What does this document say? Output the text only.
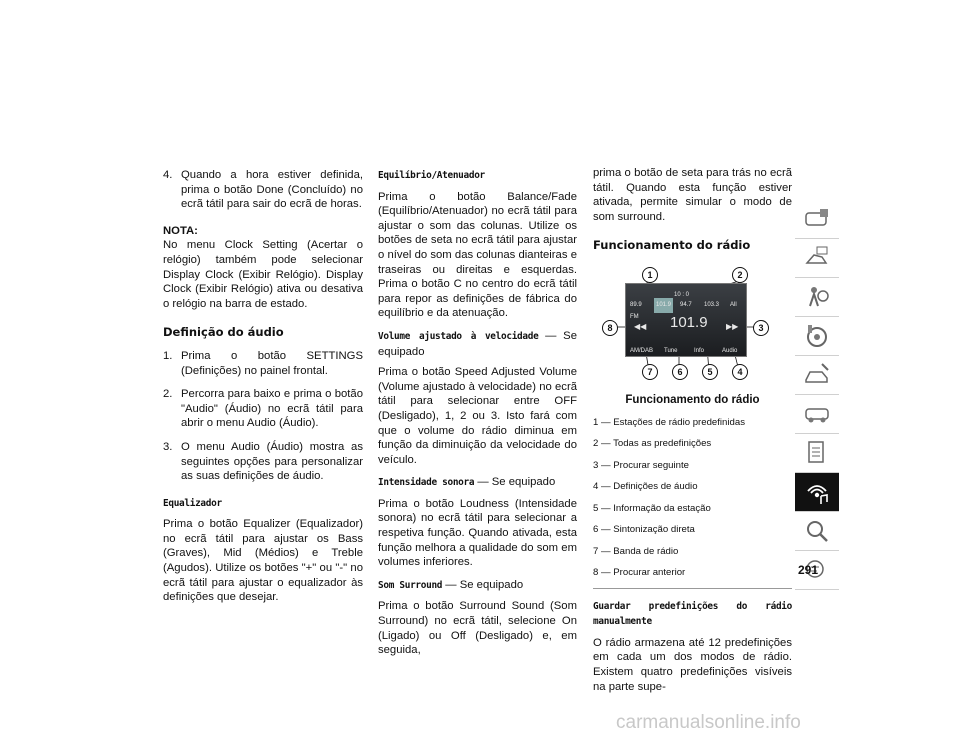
4. Quando a hora estiver definida, prima o botão Done (Concluído) no ecrã tátil para sair do ecrã de horas.

NOTA:

No menu Clock Setting (Acertar o relógio) também pode selecionar Display Clock (Exibir Relógio). Display Clock (Exibir Relógio) ativa ou desativa o relógio na barra de estado.

Definição do áudio
1. Prima o botão SETTINGS (Definições) no painel frontal.
2. Percorra para baixo e prima o botão "Audio" (Áudio) no ecrã tátil para abrir o menu Audio (Áudio).
3. O menu Audio (Áudio) mostra as seguintes opções para personalizar as suas definições de áudio.
Equalizador

Prima o botão Equalizer (Equalizador) no ecrã tátil para ajustar os Bass (Graves), Mid (Médios) e Treble (Agudos). Utilize os botões "+" ou "-" no ecrã tátil para ajustar o equalizador às definições que desejar.

Equilíbrio/Atenuador

Prima o botão Balance/Fade (Equilíbrio/Atenuador) no ecrã tátil para ajustar o som das colunas. Utilize os botões de seta no ecrã tátil para ajustar o nível do som das colunas dianteiras e traseiras ou direitas e esquerdas. Prima o botão C no centro do ecrã tátil para repor as definições de fábrica do equilíbrio e da atenuação.

Volume ajustado à velocidade — Se equipado

Prima o botão Speed Adjusted Volume (Volume ajustado à velocidade) no ecrã tátil para selecionar entre OFF (Desligado), 1, 2 ou 3. Isto fará com que o volume do rádio diminua em função da diminuição da velocidade do veículo.

Intensidade sonora — Se equipado

Prima o botão Loudness (Intensidade sonora) no ecrã tátil para selecionar a respetiva função. Quando ativada, esta função melhora a qualidade do som em volumes inferiores.

Som Surround — Se equipado

Prima o botão Surround Sound (Som Surround) no ecrã tátil, selecione On (Ligado) ou Off (Desligado) e, em seguida,

prima o botão de seta para trás no ecrã tátil. Quando esta função estiver ativada, permite simular o modo de som surround.

Funcionamento do rádio
10 : 0
89.9	101.9	94.7 103.3 All
FM
◀◀ 101.9 ▶▶
AM/DAB Tune	Info	Audio
1	2
3
4
5
6
7
8
Funcionamento do rádio

1 — Estações de rádio predefinidas

2 — Todas as predefinições

3 — Procurar seguinte

4 — Definições de áudio

5 — Informação da estação

6 — Sintonização direta

7 — Banda de rádio

8 — Procurar anterior

Guardar predefinições do rádio manualmente

O rádio armazena até 12 predefinições em cada um dos modos de rádio. Existem quatro predefinições visíveis na parte supe-

291
carmanualsonline.info
